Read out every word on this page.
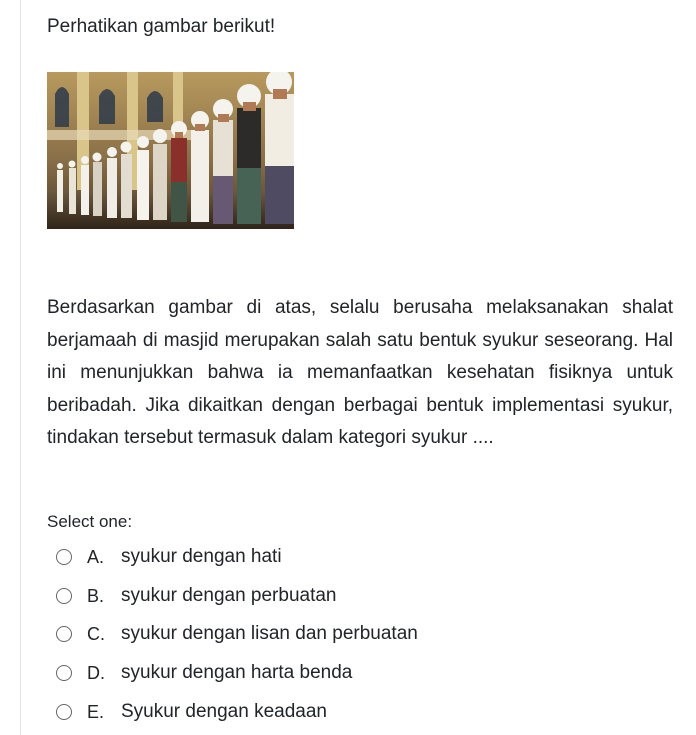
Perhatikan gambar berikut!

Berdasarkan gambar di atas, selalu berusaha melaksanakan shalat berjamaah di masjid merupakan salah satu bentuk syukur seseorang. Hal ini menunjukkan bahwa ia memanfaatkan kesehatan fisiknya untuk beribadah. Jika dikaitkan dengan berbagai bentuk implementasi syukur, tindakan tersebut termasuk dalam kategori syukur ....

Select one:

A. syukur dengan hati
B. syukur dengan perbuatan
C. syukur dengan lisan dan perbuatan
D. syukur dengan harta benda
E. Syukur dengan keadaan
